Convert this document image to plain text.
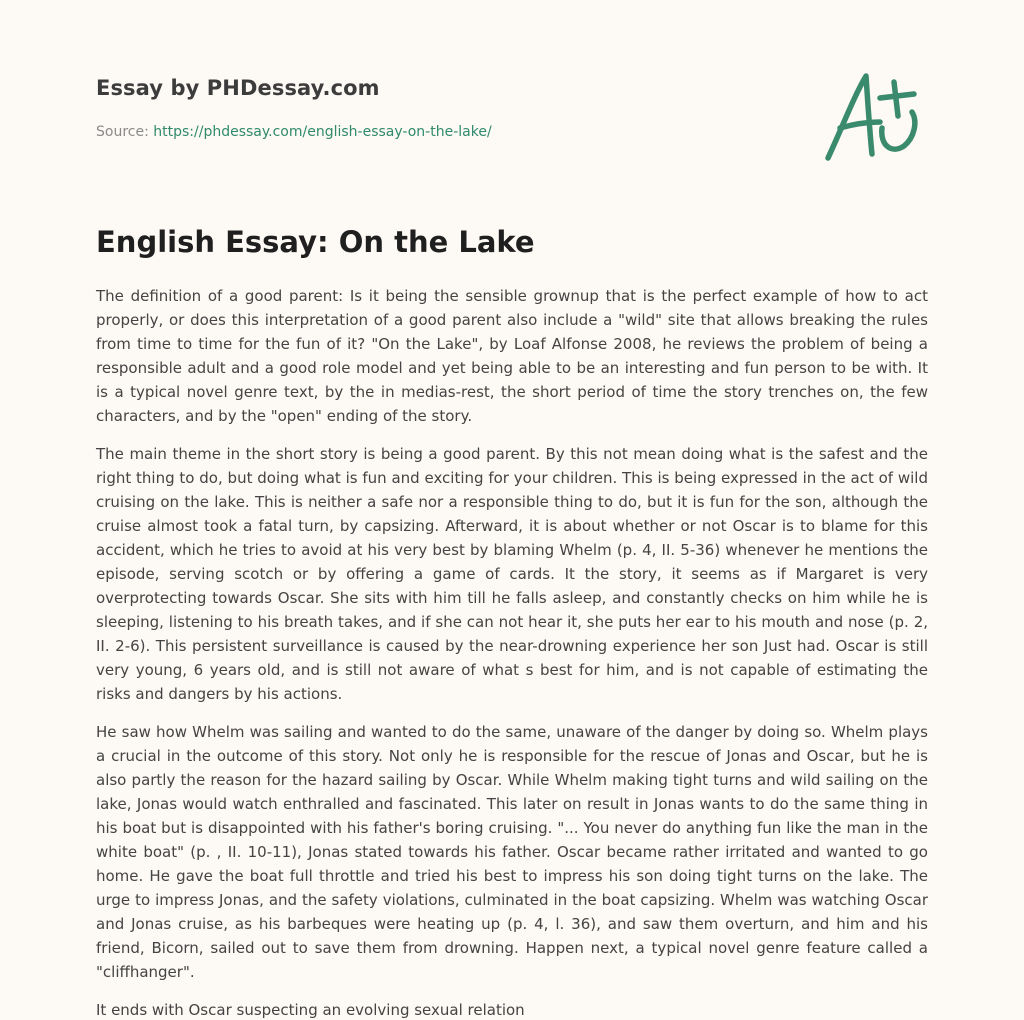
Essay by PHDessay.com
Source: https://phdessay.com/english-essay-on-the-lake/
English Essay: On the Lake

The definition of a good parent: Is it being the sensible grownup that is the perfect example of how to act properly, or does this interpretation of a good parent also include a "wild" site that allows breaking the rules from time to time for the fun of it? "On the Lake", by Loaf Alfonse 2008, he reviews the problem of being a responsible adult and a good role model and yet being able to be an interesting and fun person to be with. It is a typical novel genre text, by the in medias-rest, the short period of time the story trenches on, the few characters, and by the "open" ending of the story.

The main theme in the short story is being a good parent. By this not mean doing what is the safest and the right thing to do, but doing what is fun and exciting for your children. This is being expressed in the act of wild cruising on the lake. This is neither a safe nor a responsible thing to do, but it is fun for the son, although the cruise almost took a fatal turn, by capsizing. Afterward, it is about whether or not Oscar is to blame for this accident, which he tries to avoid at his very best by blaming Whelm (p. 4, II. 5-36) whenever he mentions the episode, serving scotch or by offering a game of cards. It the story, it seems as if Margaret is very overprotecting towards Oscar. She sits with him till he falls asleep, and constantly checks on him while he is sleeping, listening to his breath takes, and if she can not hear it, she puts her ear to his mouth and nose (p. 2, II. 2-6). This persistent surveillance is caused by the near-drowning experience her son Just had. Oscar is still very young, 6 years old, and is still not aware of what s best for him, and is not capable of estimating the risks and dangers by his actions.

He saw how Whelm was sailing and wanted to do the same, unaware of the danger by doing so. Whelm plays a crucial in the outcome of this story. Not only he is responsible for the rescue of Jonas and Oscar, but he is also partly the reason for the hazard sailing by Oscar. While Whelm making tight turns and wild sailing on the lake, Jonas would watch enthralled and fascinated. This later on result in Jonas wants to do the same thing in his boat but is disappointed with his father's boring cruising. "... You never do anything fun like the man in the white boat" (p. , II. 10-11), Jonas stated towards his father. Oscar became rather irritated and wanted to go home. He gave the boat full throttle and tried his best to impress his son doing tight turns on the lake. The urge to impress Jonas, and the safety violations, culminated in the boat capsizing. Whelm was watching Oscar and Jonas cruise, as his barbeques were heating up (p. 4, l. 36), and saw them overturn, and him and his friend, Bicorn, sailed out to save them from drowning. Happen next, a typical novel genre feature called a "cliffhanger".

It ends with Oscar suspecting an evolving sexual relation
